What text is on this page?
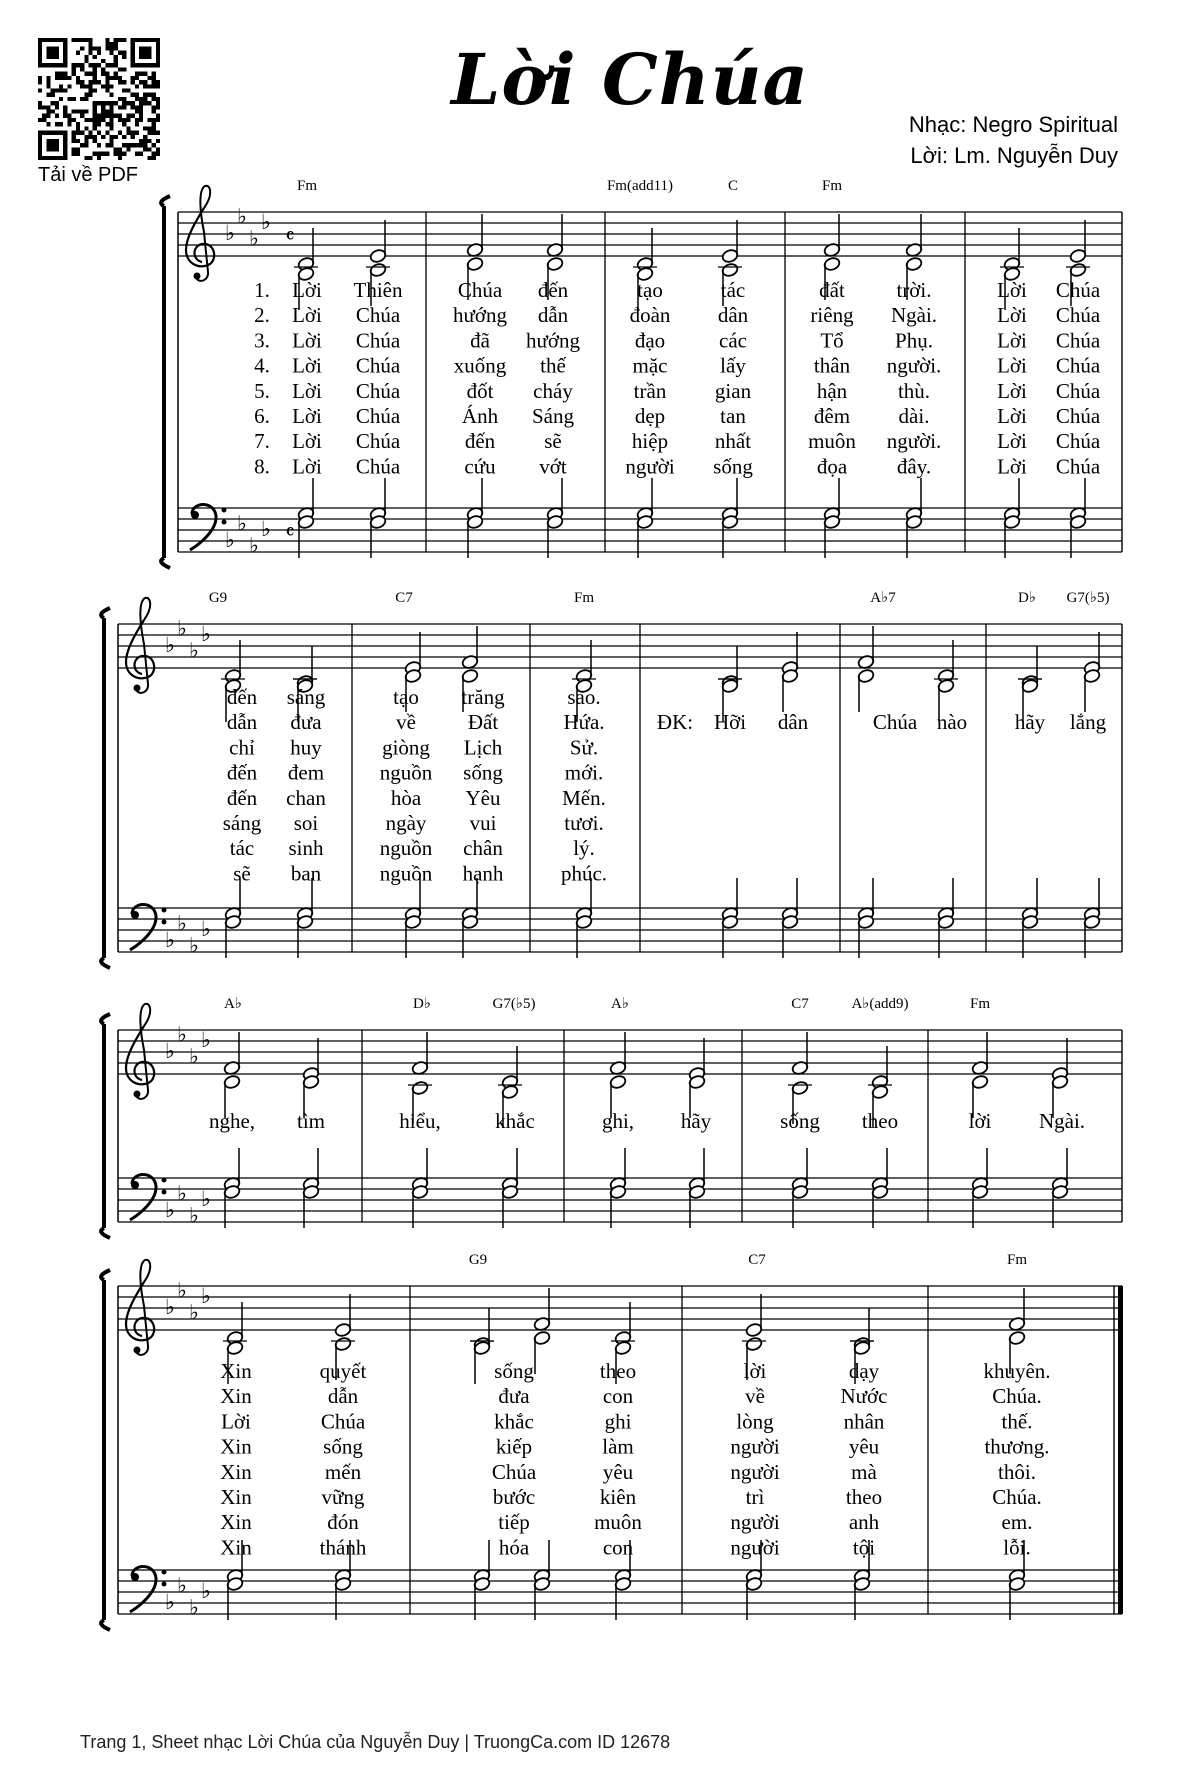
Tải về PDF
Lời Chúa
Nhạc: Negro Spiritual
Lời: Lm. Nguyễn Duy
♭
♭
♭
♭
♭
♭
♭
♭
𝄴
𝄴
Fm	Fm(add11)	C	Fm
1. Lời Thiên	Chúa đến	tạo	tác	đất trời.	Lời Chúa
2. Lời Chúa	hướng dẫn	đoàn dân	riêng Ngài.	Lời Chúa
3. Lời Chúa	đã hướng	đạo	các	Tổ Phụ.	Lời Chúa
4. Lời Chúa	xuống thế	mặc	lấy	thân người.	Lời Chúa
5. Lời Chúa	đốt cháy	trần gian	hận thù.	Lời Chúa
6. Lời Chúa	Ánh Sáng	dẹp	tan	đêm dài.	Lời Chúa
7. Lời Chúa	đến sẽ	hiệp nhất	muôn người.	Lời Chúa
8. Lời Chúa	cứu vớt	người sống	đọa đây.	Lời Chúa
♭
♭
♭
♭
♭
♭
♭
♭
G9	C7	Fm	A♭7	D♭ G7(♭5)
đến sáng	tạo trăng	sao.
dẫn đưa	về Đất	Hứa.
chỉ huy	giòng Lịch	Sử.
đến đem	nguồn sống	mới.
đến chan	hòa Yêu	Mến.
sáng soi	ngày vui	tươi.
tác sinh	nguồn chân	lý.
sẽ ban	nguồn hạnh	phúc.
ĐK: Hỡi dân	Chúa nào hãy lắng
♭
♭
♭
♭
♭
♭
♭
♭
A♭	D♭	G7(♭5)	A♭	C7	A♭(add9)	Fm
nghe, tìm	hiểu,	khắc	ghi, hãy	sống theo	lời Ngài.
♭
♭
♭
♭
♭
♭
♭
♭
G9	C7	Fm
Xin	quyết	sống	theo	lời	dạy	khuyên.
Xin	dẫn	đưa	con	về	Nước	Chúa.
Lời	Chúa	khắc	ghi	lòng	nhân	thế.
Xin	sống	kiếp	làm	người	yêu	thương.
Xin	mến	Chúa	yêu	người	mà	thôi.
Xin	vững	bước	kiên	trì	theo	Chúa.
Xin	đón	tiếp	muôn	người	anh	em.
Xin	thánh	hóa	con	người	tội	lỗi.
Trang 1, Sheet nhạc Lời Chúa của Nguyễn Duy | TruongCa.com ID 12678
